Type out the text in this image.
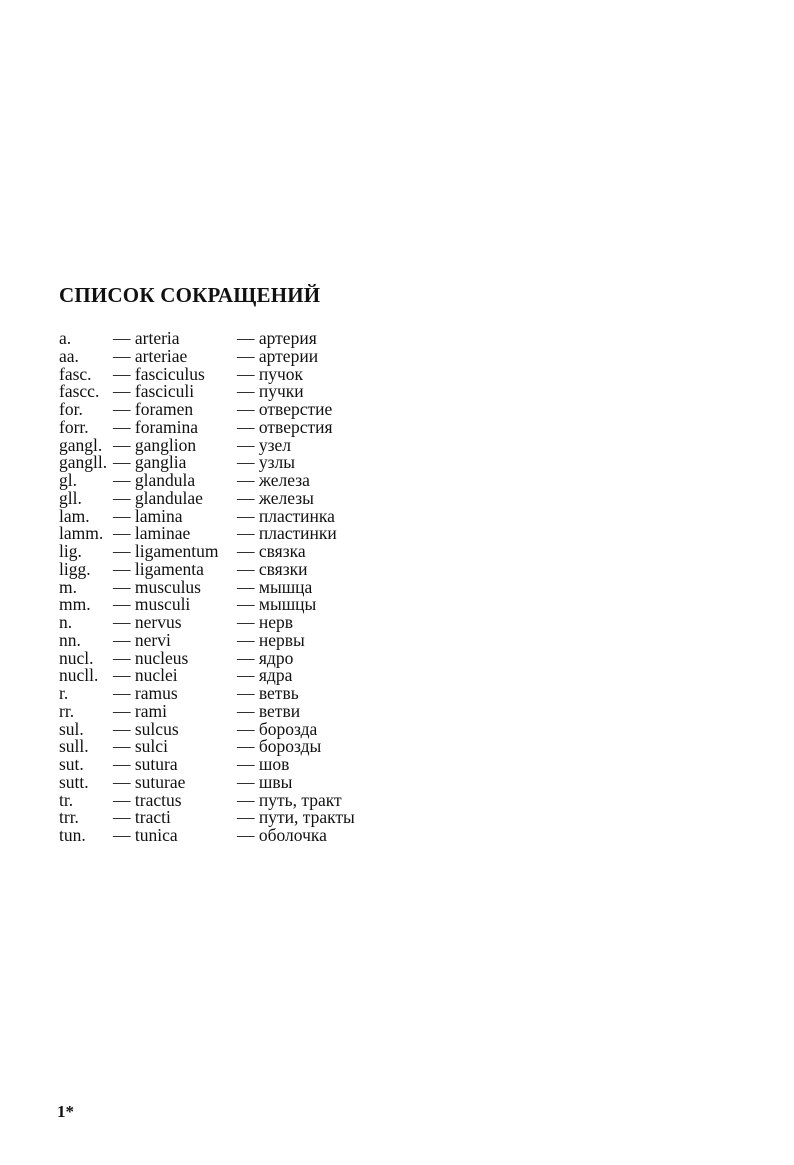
СПИСОК СОКРАЩЕНИЙ
a. — arteria	— артерия
aa. — arteriae	— артерии
fasc. — fasciculus — пучок
fascc. — fasciculi — пучки
for. — foramen	— отверстие
forr. — foramina — отверстия
gangl. — ganglion — узел
gangll. — ganglia	— узлы
gl. — glandula — железа
gll. — glandulae — железы
lam. — lamina	— пластинка
lamm. — laminae	— пластинки
lig. — ligamentum — связка
ligg. — ligamenta — связки
m. — musculus — мышца
mm. — musculi	— мышцы
n. — nervus	— нерв
nn. — nervi	— нервы
nucl. — nucleus	— ядро
nucll. — nuclei	— ядра
r.	— ramus	— ветвь
rr. — rami	— ветви
sul. — sulcus	— борозда
sull. — sulci	— борозды
sut. — sutura	— шов
sutt. — suturae	— швы
tr. — tractus	— путь, тракт
trr. — tracti	— пути, тракты
tun. — tunica	— оболочка
1*
